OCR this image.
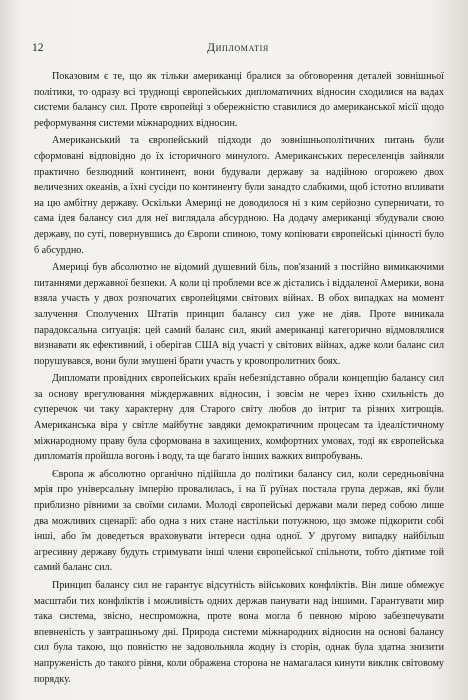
12	Дипломатія

Показовим є те, що як тільки американці бралися за обговорення деталей зовнішньої політики, то одразу всі труднощі європейських дипломатичних відносин сходилися на вадах системи балансу сил. Проте європейці з обережністю ставилися до американської місії щодо реформування системи міжнародних відносин.

Американський та європейський підходи до зовнішньополітичних питань були сформовані відповідно до їх історичного минулого. Американських переселенців зайняли практично безлюдний континент, вони будували державу за надійною огорожею двох величезних океанів, а їхні сусіди по континенту були занадто слабкими, щоб істотно впливати на цю амбітну державу. Оскільки Америці не доводилося ні з ким серйозно суперничати, то сама ідея балансу сил для неї виглядала абсурдною. На додачу американці збудували свою державу, по суті, повернувшись до Європи спиною, тому копіювати європейські цінності було б абсурдно.

Америці був абсолютно не відомий душевний біль, пов'язаний з постійно вимикаючими питаннями державної безпеки. А коли ці проблеми все ж дістались і віддаленої Америки, вона взяла участь у двох розпочатих європейцями світових війнах. В обох випадках на момент залучення Сполучених Штатів принцип балансу сил уже не діяв. Проте виникала парадоксальна ситуація: цей самий баланс сил, який американці категорично відмовлялися визнавати як ефективний, і оберігав США від участі у світових війнах, адже коли баланс сил порушувався, вони були змушені брати участь у кровопролитних боях.

Дипломати провідних європейських країн небезпідставно обрали концепцію балансу сил за основу врегулювання міждержавних відносин, і зовсім не через їхню схильність до суперечок чи таку характерну для Старого світу любов до інтриг та різних хитрощів. Американська віра у світле майбутнє завдяки демократичним процесам та ідеалістичному міжнародному праву була сформована в захищених, комфортних умовах, тоді як європейська дипломатія пройшла вогонь і воду, та ще багато інших важких випробувань.

Європа ж абсолютно органічно підійшла до політики балансу сил, коли середньовічна мрія про універсальну імперію провалилась, і на її руїнах постала група держав, які були приблизно рівними за своїми силами. Молоді європейські держави мали перед собою лише два можливих сценарії: або одна з них стане настільки потужною, що зможе підкорити собі інші, або їм доведеться враховувати інтереси одна одної. У другому випадку найбільш агресивну державу будуть стримувати інші члени європейської спільноти, тобто діятиме той самий баланс сил.

Принцип балансу сил не гарантує відсутність військових конфліктів. Він лише обмежує масштаби тих конфліктів і можливість одних держав панувати над іншими. Гарантувати мир така система, звісно, неспроможна, проте вона могла б певною мірою забезпечувати впевненість у завтрашньому дні. Природа системи міжнародних відносин на основі балансу сил була такою, що повністю не задовольняла жодну із сторін, однак була здатна знизити напруженість до такого рівня, коли ображена сторона не намагалася кинути виклик світовому порядку.
